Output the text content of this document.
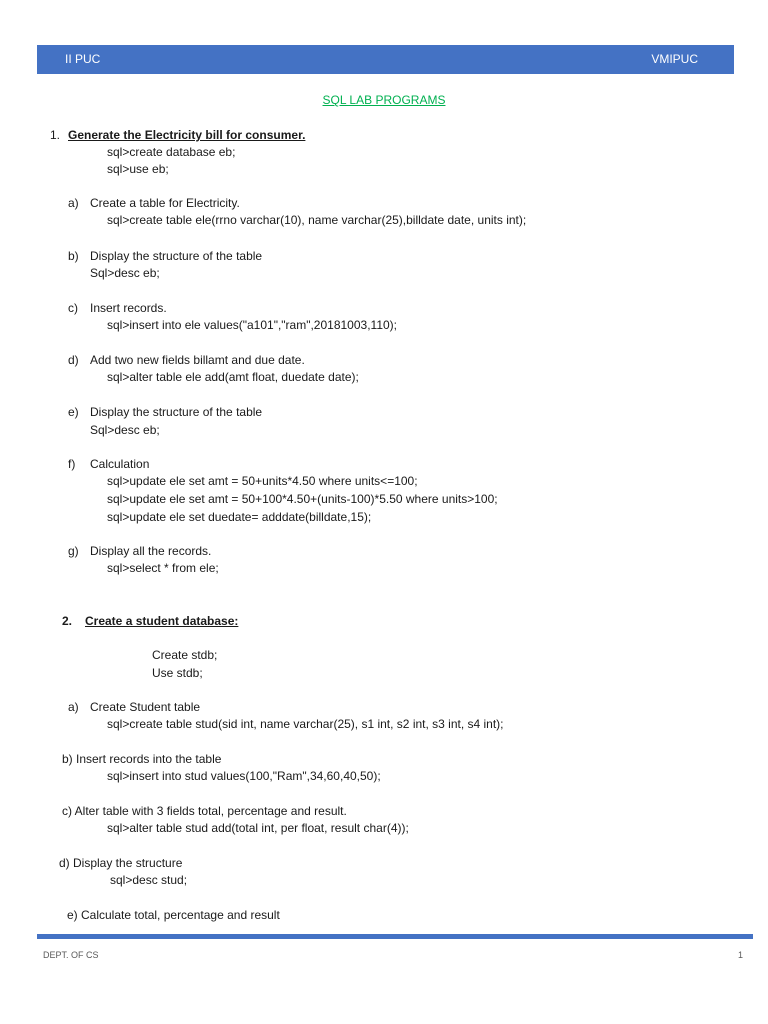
II PUC	VMIPUC
SQL LAB PROGRAMS
1. Generate the Electricity bill for consumer.
sql>create database eb;
sql>use eb;
a) Create a table for Electricity.
sql>create table ele(rrno varchar(10), name varchar(25),billdate date, units int);
b) Display the structure of the table
Sql>desc eb;
c) Insert records.
sql>insert into ele values("a101","ram",20181003,110);
d) Add two new fields billamt and due date.
sql>alter table ele add(amt float, duedate date);
e) Display the structure of the table
Sql>desc eb;
f) Calculation
sql>update ele set amt = 50+units*4.50 where units<=100;
sql>update ele set amt = 50+100*4.50+(units-100)*5.50 where units>100;
sql>update ele set duedate= adddate(billdate,15);
g) Display all the records.
sql>select * from ele;
2. Create a student database:
Create stdb;
Use stdb;
a) Create Student table
sql>create table stud(sid int, name varchar(25), s1 int, s2 int, s3 int, s4 int);
b) Insert records into the table
sql>insert into stud values(100,"Ram",34,60,40,50);
c) Alter table with 3 fields total, percentage and result.
sql>alter table stud add(total int, per float, result char(4));
d) Display the structure
sql>desc stud;
e) Calculate total, percentage and result
DEPT. OF CS	1
